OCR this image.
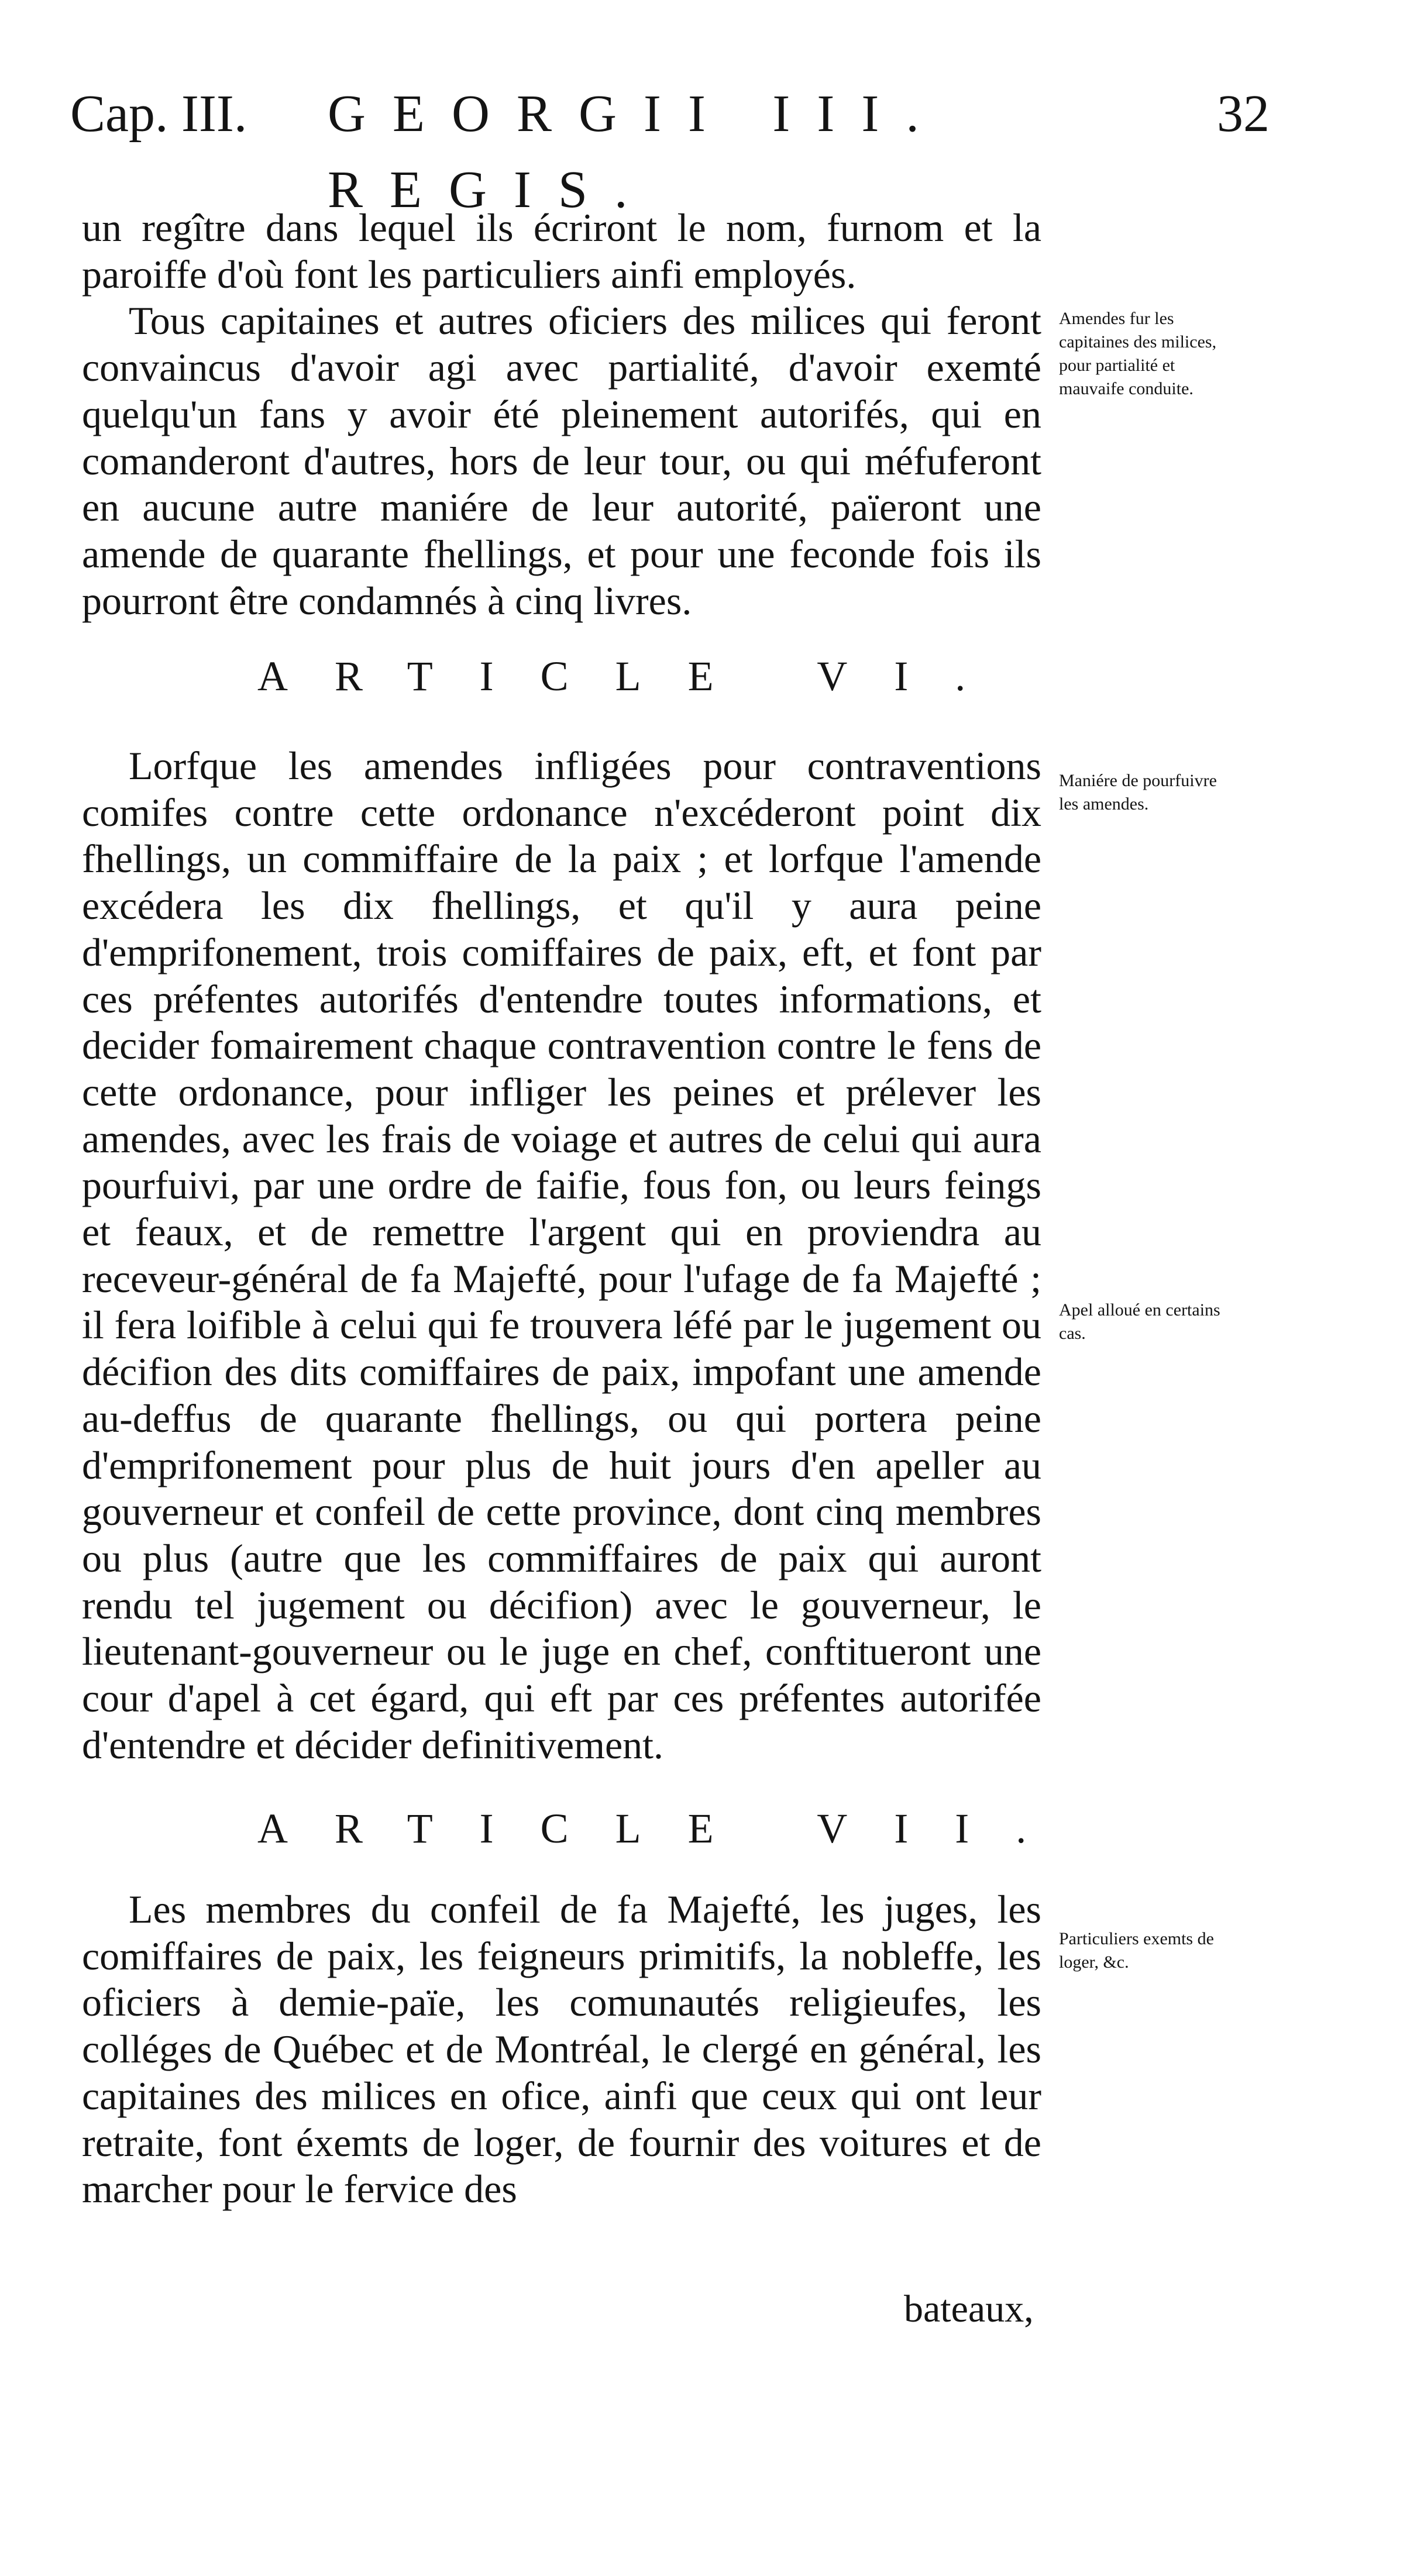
Cap. III. GEORGII III. REGIS.
32

un regître dans lequel ils écriront le nom, furnom et la paroiffe d'où font les particuliers ainfi employés.

Tous capitaines et autres oficiers des milices qui feront convaincus d'avoir agi avec partialité, d'avoir exemté quelqu'un fans y avoir été pleinement autorifés, qui en comanderont d'autres, hors de leur tour, ou qui méfuferont en aucune autre maniére de leur autorité, païeront une amende de quarante fhellings, et pour une feconde fois ils pourront être condamnés à cinq livres.

ARTICLE VI.

Lorfque les amendes infligées pour contraventions comifes contre cette ordonance n'excéderont point dix fhellings, un commiffaire de la paix ; et lorfque l'amende excédera les dix fhellings, et qu'il y aura peine d'emprifonement, trois comiffaires de paix, eft, et font par ces préfentes autorifés d'entendre toutes informations, et decider fomairement chaque contravention contre le fens de cette ordonance, pour infliger les peines et prélever les amendes, avec les frais de voiage et autres de celui qui aura pourfuivi, par une ordre de faifie, fous fon, ou leurs feings et feaux, et de remettre l'argent qui en proviendra au receveur-général de fa Majefté, pour l'ufage de fa Majefté ; il fera loifible à celui qui fe trouvera léfé par le jugement ou décifion des dits comiffaires de paix, impofant une amende au-deffus de quarante fhellings, ou qui portera peine d'emprifonement pour plus de huit jours d'en apeller au gouverneur et confeil de cette province, dont cinq membres ou plus (autre que les commiffaires de paix qui auront rendu tel jugement ou décifion) avec le gouverneur, le lieutenant-gouverneur ou le juge en chef, conftitueront une cour d'apel à cet égard, qui eft par ces préfentes autorifée d'entendre et décider definitivement.

ARTICLE VII.

Les membres du confeil de fa Majefté, les juges, les comiffaires de paix, les feigneurs primitifs, la nobleffe, les oficiers à demie-païe, les comunautés religieufes, les colléges de Québec et de Montréal, le clergé en général, les capitaines des milices en ofice, ainfi que ceux qui ont leur retraite, font éxemts de loger, de fournir des voitures et de marcher pour le fervice des

bateaux,
Amendes fur les capitaines des milices, pour partialité et mauvaife conduite.
Maniére de pourfuivre les amendes.
Apel alloué en certains cas.
Particuliers exemts de loger, &c.
